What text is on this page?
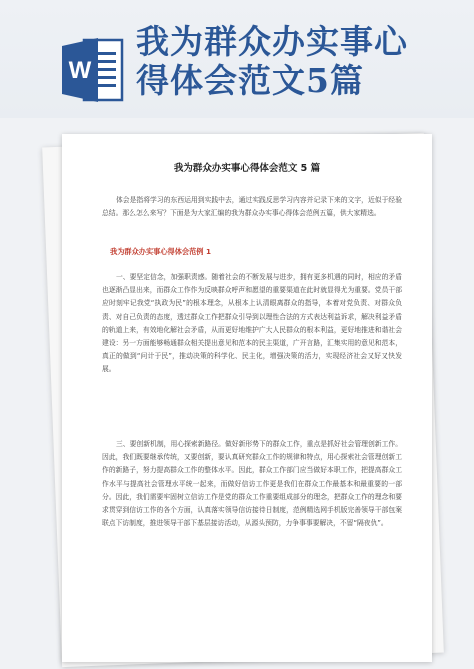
W
我为群众办实事心
得体会范文5篇
我为群众办实事心得体会范文 5 篇

体会是指将学习的东西运用到实践中去，通过实践反思学习内容并记录下来的文字，近似于经验总结。那么怎么来写？下面是为大家汇编的我为群众办实事心得体会范例五篇，供大家精选。

我为群众办实事心得体会范例 1

一、要坚定信念，加强职责感。随着社会的不断发展与进步，拥有更多机遇的同时，相应的矛盾也逐渐凸显出来，而群众工作作为反映群众呼声和愿望的重要渠道在此时就显得尤为重要。党员干部应时刻牢记我党“执政为民”的根本理念，从根本上认清眼离群众的指导，本着对党负责、对群众负责、对自己负责的态度，透过群众工作把群众引导到以理性合法的方式表达利益诉求，解决利益矛盾的轨道上来，有效地化解社会矛盾，从而更好地维护广大人民群众的根本利益，更好地推进和谐社会建设：另一方面能够畅通群众相关提出意见和范本的民主渠道，广开言路，汇集实用的意见和范本，真正的做到“问计于民”，推动决策的科学化、民主化，增强决策的活力，实现经济社会又好又快发展。

三、要创新机制，用心探索新路径。做好新形势下的群众工作，重点是抓好社会管理创新工作。因此，我们既要继承传统，又要创新，要认真研究群众工作的规律和特点，用心探索社会管理创新工作的新路子，努力提高群众工作的整体水平。因此，群众工作部门应当做好本职工作，把提高群众工作水平与提高社会管理水平统一起来，而做好信访工作更是我们在群众工作最基本和最重要的一部分。因此，我们需要牢固树立信访工作是党的群众工作重要组成部分的理念，把群众工作的理念和要求贯穿到信访工作的各个方面，认真落实领导信访接待日制度，范例精选网手机版完善领导干部包案联点下访制度，推进领导干部下基层接访活动，从源头预防，力争事事要解决，不留“隔夜仇”。
